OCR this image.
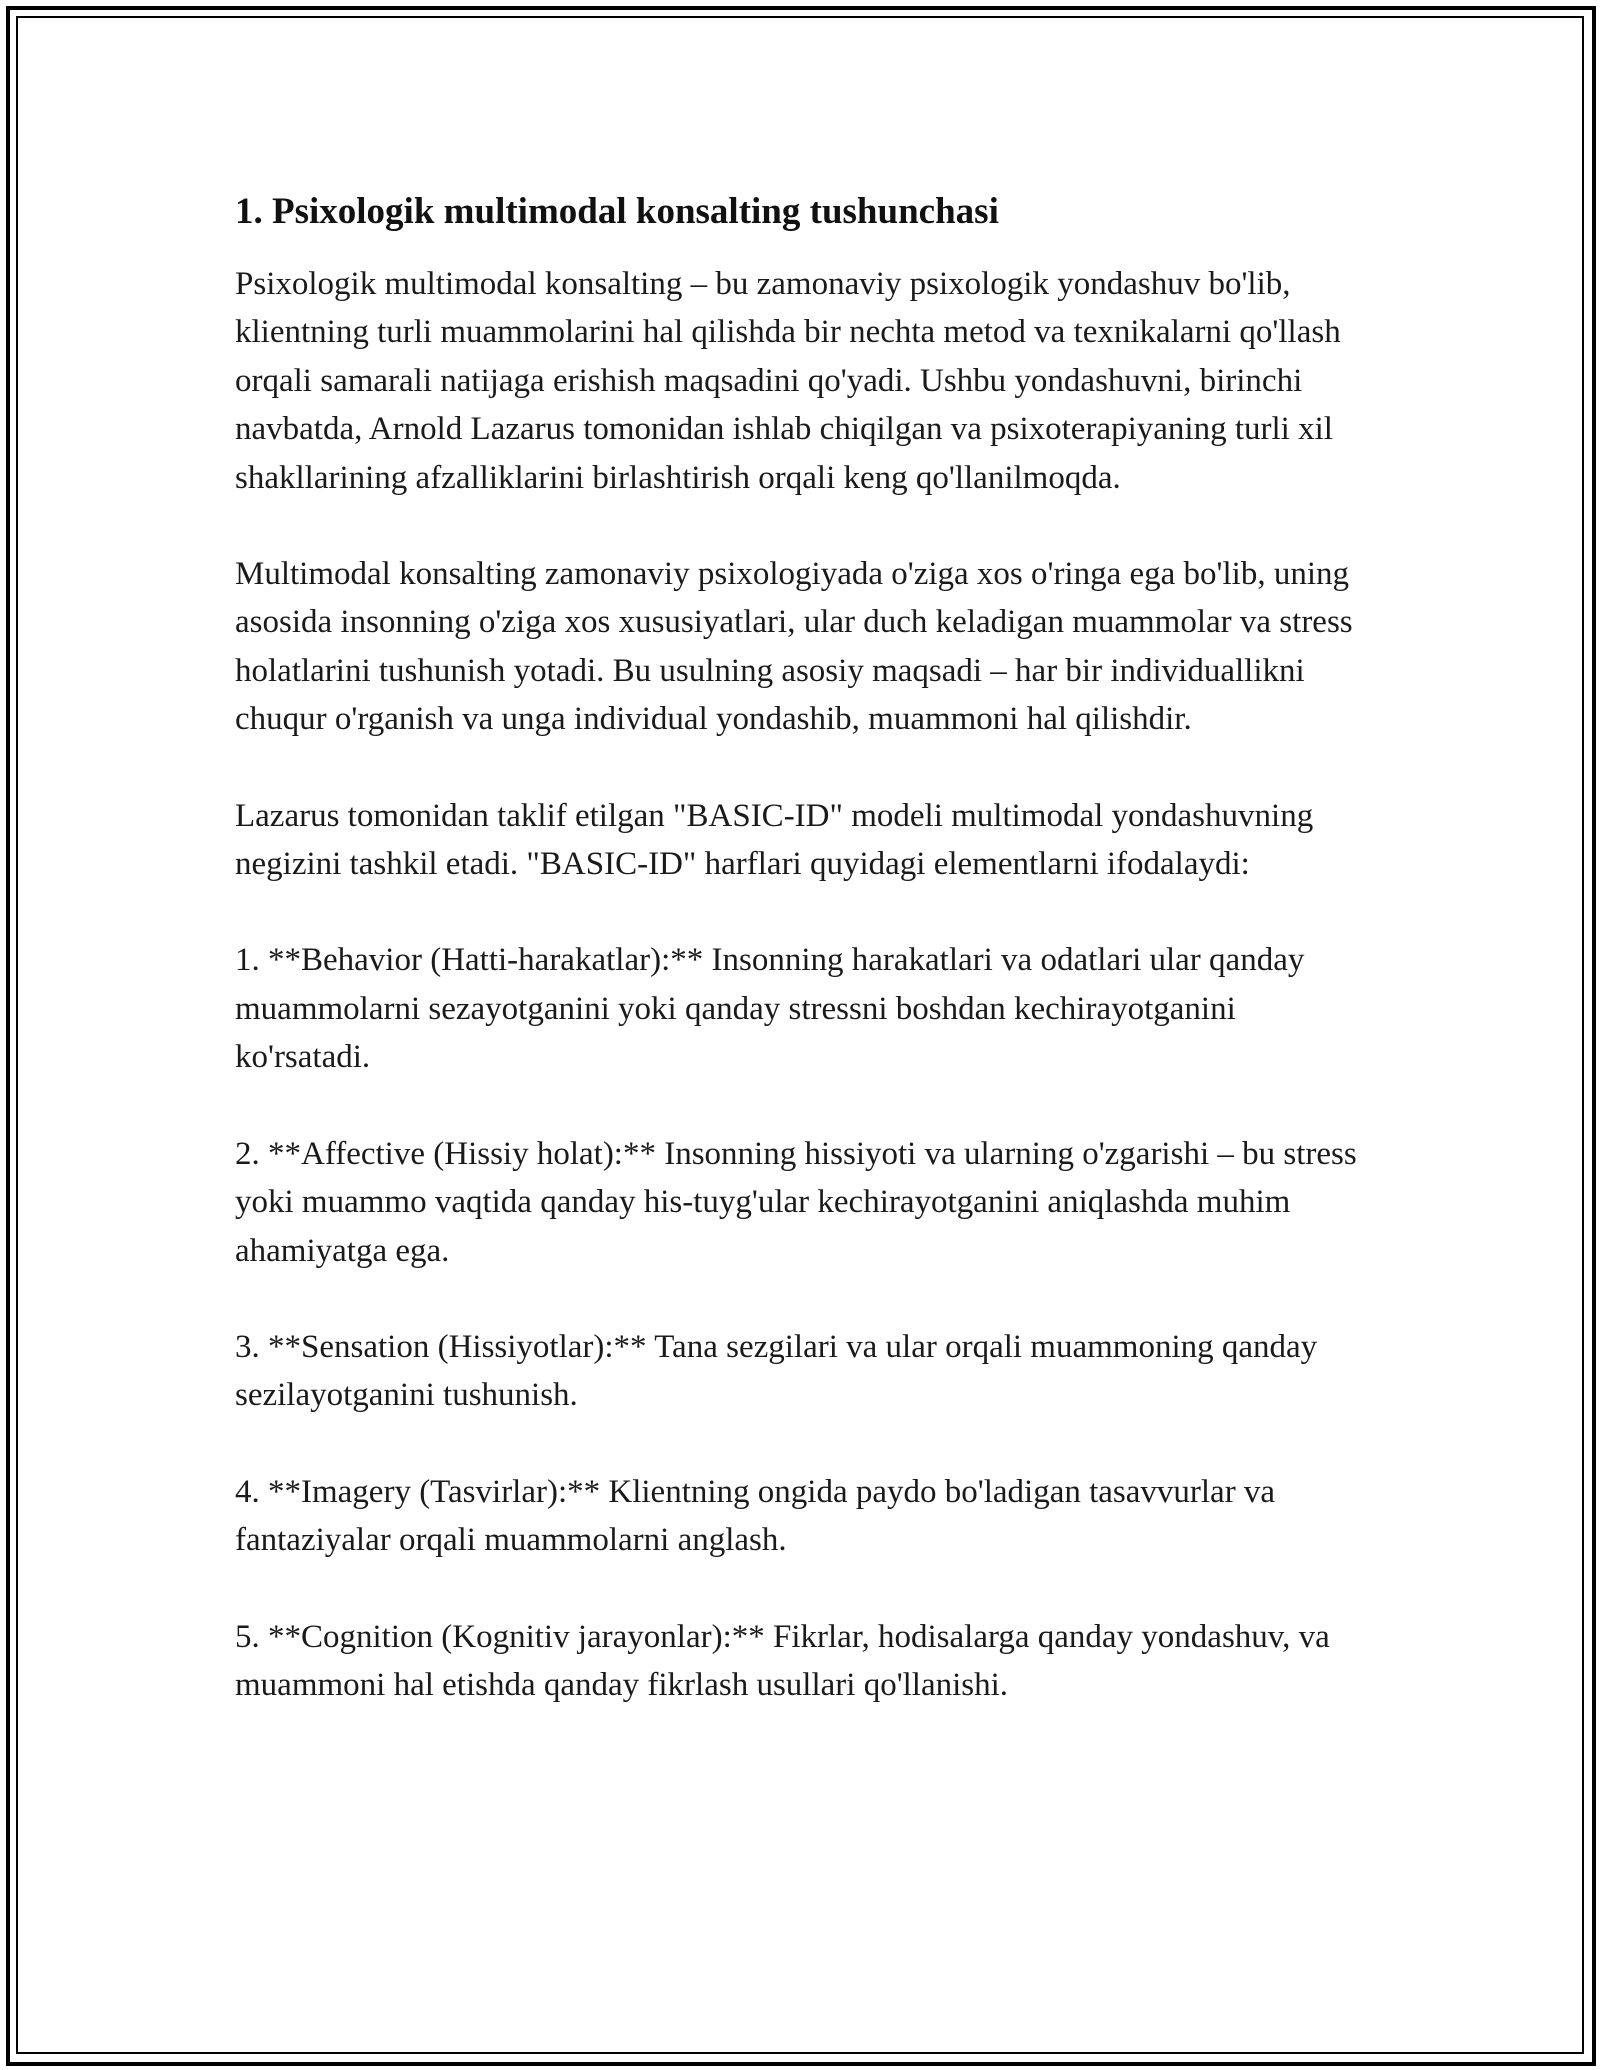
1. Psixologik multimodal konsalting tushunchasi

Psixologik multimodal konsalting – bu zamonaviy psixologik yondashuv bo'lib, klientning turli muammolarini hal qilishda bir nechta metod va texnikalarni qo'llash orqali samarali natijaga erishish maqsadini qo'yadi. Ushbu yondashuvni, birinchi navbatda, Arnold Lazarus tomonidan ishlab chiqilgan va psixoterapiyaning turli xil shakllarining afzalliklarini birlashtirish orqali keng qo'llanilmoqda.

Multimodal konsalting zamonaviy psixologiyada o'ziga xos o'ringa ega bo'lib, uning asosida insonning o'ziga xos xususiyatlari, ular duch keladigan muammolar va stress holatlarini tushunish yotadi. Bu usulning asosiy maqsadi – har bir individuallikni chuqur o'rganish va unga individual yondashib, muammoni hal qilishdir.

Lazarus tomonidan taklif etilgan "BASIC-ID" modeli multimodal yondashuvning negizini tashkil etadi. "BASIC-ID" harflari quyidagi elementlarni ifodalaydi:

1. **Behavior (Hatti-harakatlar):** Insonning harakatlari va odatlari ular qanday muammolarni sezayotganini yoki qanday stressni boshdan kechirayotganini ko'rsatadi.

2. **Affective (Hissiy holat):** Insonning hissiyoti va ularning o'zgarishi – bu stress yoki muammo vaqtida qanday his-tuyg'ular kechirayotganini aniqlashda muhim ahamiyatga ega.

3. **Sensation (Hissiyotlar):** Tana sezgilari va ular orqali muammoning qanday sezilayotganini tushunish.

4. **Imagery (Tasvirlar):** Klientning ongida paydo bo'ladigan tasavvurlar va fantaziyalar orqali muammolarni anglash.

5. **Cognition (Kognitiv jarayonlar):** Fikrlar, hodisalarga qanday yondashuv, va muammoni hal etishda qanday fikrlash usullari qo'llanishi.
